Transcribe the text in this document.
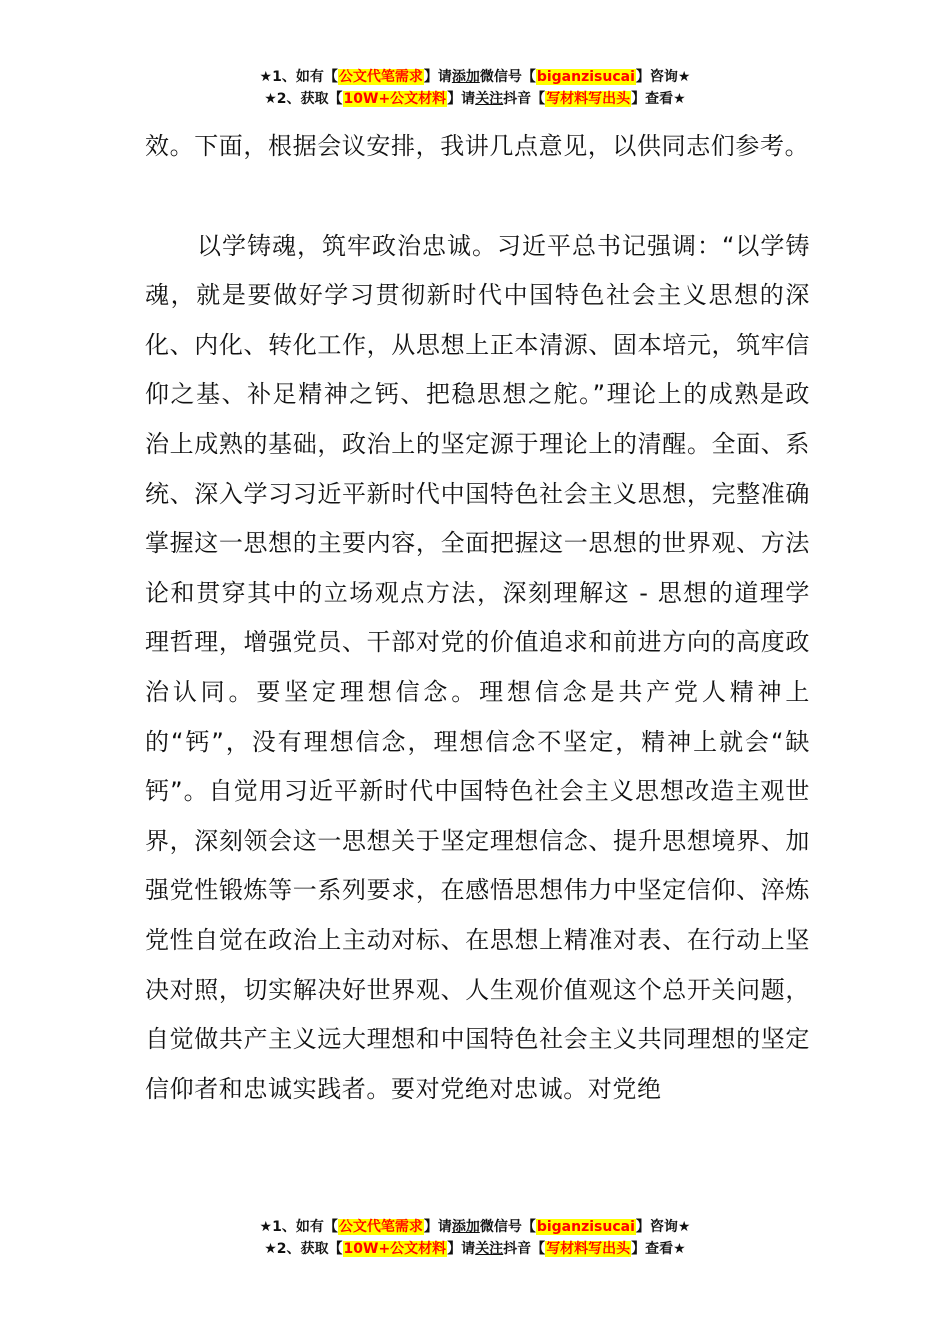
★1、如有【公文代笔需求】请添加微信号【biganzisucai】咨询★
★2、获取【10W+公文材料】请关注抖音【写材料写出头】查看★

效。下面，根据会议安排，我讲几点意见，以供同志们参考。

以学铸魂，筑牢政治忠诚。习近平总书记强调：“以学铸魂，就是要做好学习贯彻新时代中国特色社会主义思想的深化、内化、转化工作，从思想上正本清源、固本培元，筑牢信仰之基、补足精神之钙、把稳思想之舵。”理论上的成熟是政治上成熟的基础，政治上的坚定源于理论上的清醒。全面、系统、深入学习习近平新时代中国特色社会主义思想，完整准确掌握这一思想的主要内容，全面把握这一思想的世界观、方法论和贯穿其中的立场观点方法，深刻理解这 - 思想的道理学理哲理，增强党员、干部对党的价值追求和前进方向的高度政治认同。要坚定理想信念。理想信念是共产党人精神上的“钙”，没有理想信念，理想信念不坚定，精神上就会“缺钙”。自觉用习近平新时代中国特色社会主义思想改造主观世界，深刻领会这一思想关于坚定理想信念、提升思想境界、加强党性锻炼等一系列要求，在感悟思想伟力中坚定信仰、淬炼党性自觉在政治上主动对标、在思想上精准对表、在行动上坚决对照，切实解决好世界观、人生观价值观这个总开关问题，自觉做共产主义远大理想和中国特色社会主义共同理想的坚定信仰者和忠诚实践者。要对党绝对忠诚。对党绝

★1、如有【公文代笔需求】请添加微信号【biganzisucai】咨询★
★2、获取【10W+公文材料】请关注抖音【写材料写出头】查看★
